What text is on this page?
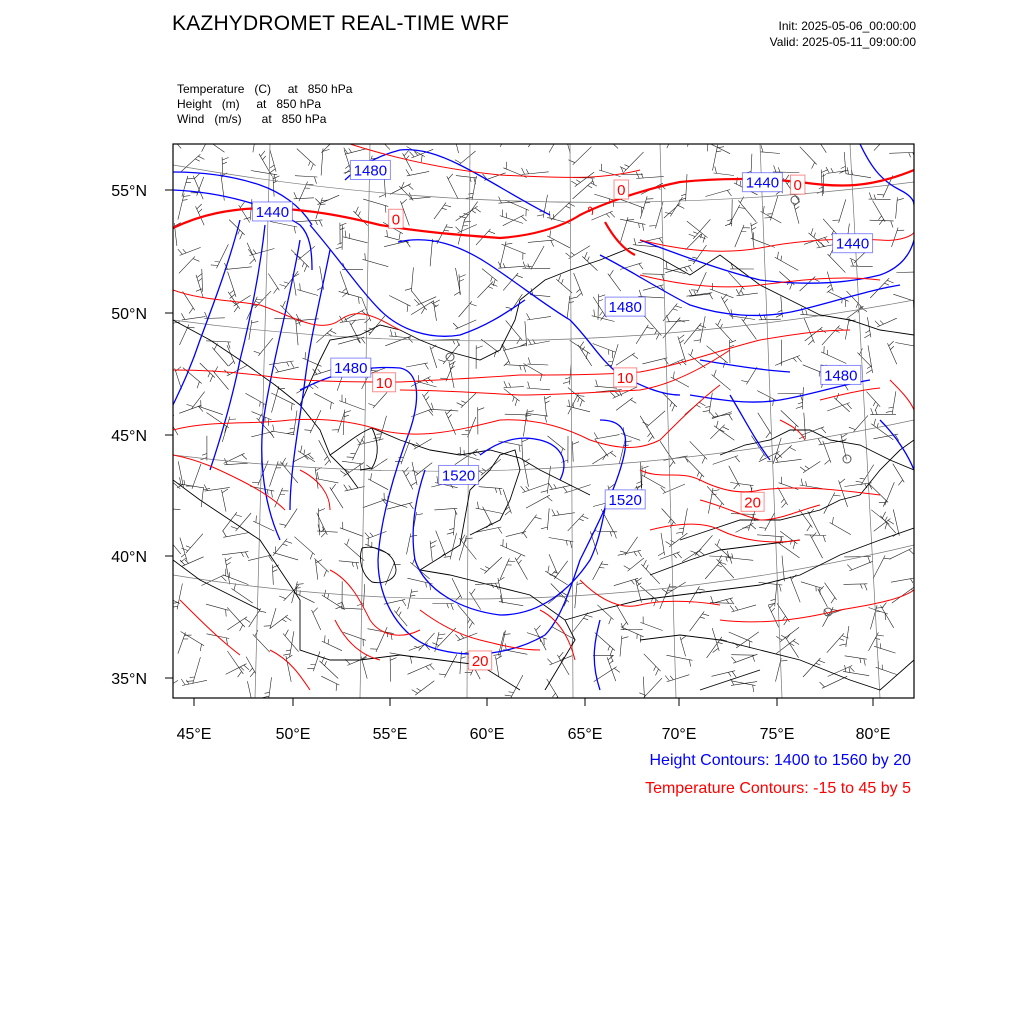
KAZHYDROMET REAL-TIME WRF	Init: 2025-05-06_00:00:00
Valid: 2025-05-11_09:00:00
Temperature   (C)     at   850 hPa
Height   (m)     at   850 hPa
Wind   (m/s)      at   850 hPa
55°N
50°N
45°N
40°N
35°N
45°E	50°E	55°E	60°E	65°E	70°E	75°E	80°E
1480
1440
1440
1440
1480
1480	1480
1520
1520
0
0	0
10	10
20
20
Height Contours: 1400 to 1560 by 20
Temperature Contours: -15 to 45 by 5
